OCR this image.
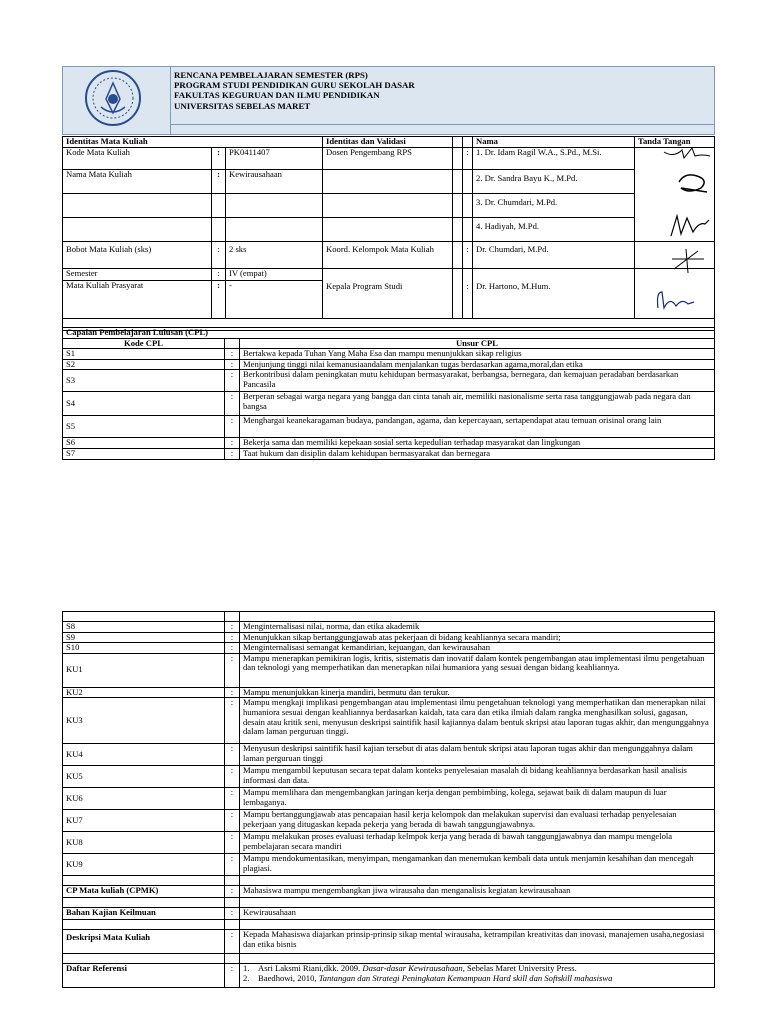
RENCANA PEMBELAJARAN SEMESTER (RPS)
PROGRAM STUDI PENDIDIKAN GURU SEKOLAH DASAR
FAKULTAS KEGURUAN DAN ILMU PENDIDIKAN
UNIVERSITAS SEBELAS MARET

Identitas Mata Kuliah			Identitas dan Validasi			Nama	Tanda Tangan
Kode Mata Kuliah	:	PK0411407	Dosen Pengembang RPS		:	1. Dr. Idam Ragil W.A., S.Pd., M.Si.	
Nama Mata Kuliah	:	Kewirausahaan				2. Dr. Sandra Bayu K., M.Pd.	
						3. Dr. Chumdari, M.Pd.	
						4. Hadiyah, M.Pd.	
Bobot Mata Kuliah (sks)	:	2 sks	Koord. Kelompok Mata Kuliah		:	Dr. Chumdari, M.Pd.	
Semester	:	IV (empat)	Kepala Program Studi		:	Dr. Hartono, M.Hum.	
Mata Kuliah Prasyarat	:	-					

Capaian Pembelajaran Lulusan (CPL)		
Kode CPL		Unsur CPL
S1	:	Bertakwa kepada Tuhan Yang Maha Esa dan mampu menunjukkan sikap religius
S2	:	Menjunjung tinggi nilai kemanusiaandalam menjalankan tugas berdasarkan agama,moral,dan etika
S3	:	Berkontribusi dalam peningkatan mutu kehidupan bermasyarakat, berbangsa, bernegara, dan kemajuan peradaban berdasarkan Pancasila
S4	:	Berperan sebagai warga negara yang bangga dan cinta tanah air, memiliki nasionalisme serta rasa tanggungjawab pada negara dan bangsa
S5	:	Menghargai keanekaragaman budaya, pandangan, agama, dan kepercayaan, sertapendapat atau temuan orisinal orang lain
S6	:	Bekerja sama dan memiliki kepekaan sosial serta kepedulian terhadap masyarakat dan lingkungan
S7	:	Taat hukum dan disiplin dalam kehidupan bermasyarakat dan bernegara

S8	:	Menginternalisasi nilai, norma, dan etika akademik
S9	:	Menunjukkan sikap bertanggungjawab atas pekerjaan di bidang keahliannya secara mandiri;
S10	:	Menginternalisasi semangat kemandirian, kejuangan, dan kewirausahan
KU1	:	Mampu menerapkan pemikiran logis, kritis, sistematis dan inovatif dalam kontek pengembangan atau implementasi ilmu pengetahuan dan teknologi yang memperhatikan dan menerapkan nilai humaniora yang sesuai dengan bidang keahliannya.
KU2	:	Mampu menunjukkan kinerja mandiri, bermutu dan terukur.
KU3	:	Mampu mengkaji implikasi pengembangan atau implementasi ilmu pengetahuan teknologi yang memperhatikan dan menerapkan nilai humaniora sesuai dengan keahliannya berdasarkan kaidah, tata cara dan etika ilmiah dalam rangka menghasilkan solusi, gagasan, desain atau kritik seni, menyusun deskripsi saintifik hasil kajiannya dalam bentuk skripsi atau laporan tugas akhir, dan mengunggahnya dalam laman perguruan tinggi.
KU4	:	Menyusun deskripsi saintifik hasil kajian tersebut di atas dalam bentuk skripsi atau laporan tugas akhir dan mengunggahnya dalam laman perguruan tinggi
KU5	:	Mampu mengambil keputusan secara tepat dalam konteks penyelesaian masalah di bidang keahliannya berdasarkan hasil analisis informasi dan data.
KU6	:	Mampu memlihara dan mengembangkan jaringan kerja dengan pembimbing, kolega, sejawat baik di dalam maupun di luar lembaganya.
KU7	:	Mampu bertanggungjawab atas pencapaian hasil kerja kelompok dan melakukan supervisi dan evaluasi terhadap penyelesaian pekerjaan yang ditugaskan kepada pekerja yang berada di bawah tanggungjawabnya.
KU8	:	Mampu melakukan proses evaluasi terhadap kelmpok kerja yang berada di bawah tanggungjawabnya dan mampu mengelola pembelajaran secara mandiri
KU9	:	Mampu mendokumentasikan, menyimpan, mengamankan dan menemukan kembali data untuk menjamin kesahihan dan mencegah plagiasi.

CP Mata kuliah (CPMK)	:	Mahasiswa mampu mengembangkan jiwa wirausaha dan menganalisis kegiatan kewirausahaan

Bahan Kajian Keilmuan	:	Kewirausahaan

Deskripsi Mata Kuliah	:	Kepada Mahasiswa diajarkan prinsip-prinsip sikap mental wirausaha, ketrampilan kreativitas dan inovasi, manajemen usaha,negosiasi dan etika bisnis

Daftar Referensi	:	1. Asri Laksmi Riani,dkk. 2009. Dasar-dasar Kewirausahaan, Sebelas Maret University Press.
2. Baedhowi, 2010, Tantangan dan Strategi Peningkatan Kemampuan Hard skill dan Softskill mahasiswa
